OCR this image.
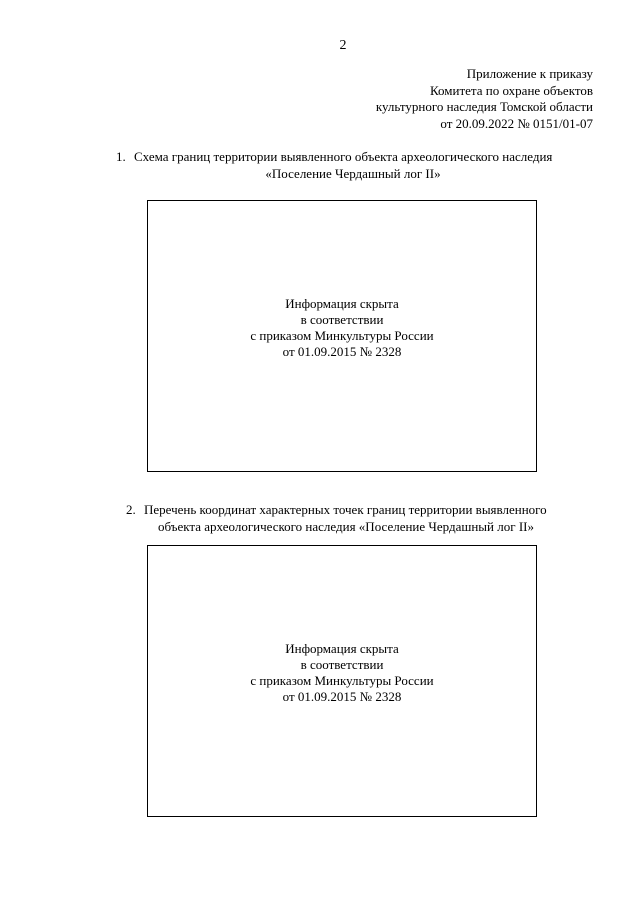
2
Приложение к приказу
Комитета по охране объектов
культурного наследия Томской области
от 20.09.2022 № 0151/01-07
1. Схема границ территории выявленного объекта археологического наследия
«Поселение Чердашный лог II»
Информация скрыта
в соответствии
с приказом Минкультуры России
от 01.09.2015 № 2328
2. Перечень координат характерных точек границ территории выявленного
объекта археологического наследия «Поселение Чердашный лог II»
Информация скрыта
в соответствии
с приказом Минкультуры России
от 01.09.2015 № 2328
